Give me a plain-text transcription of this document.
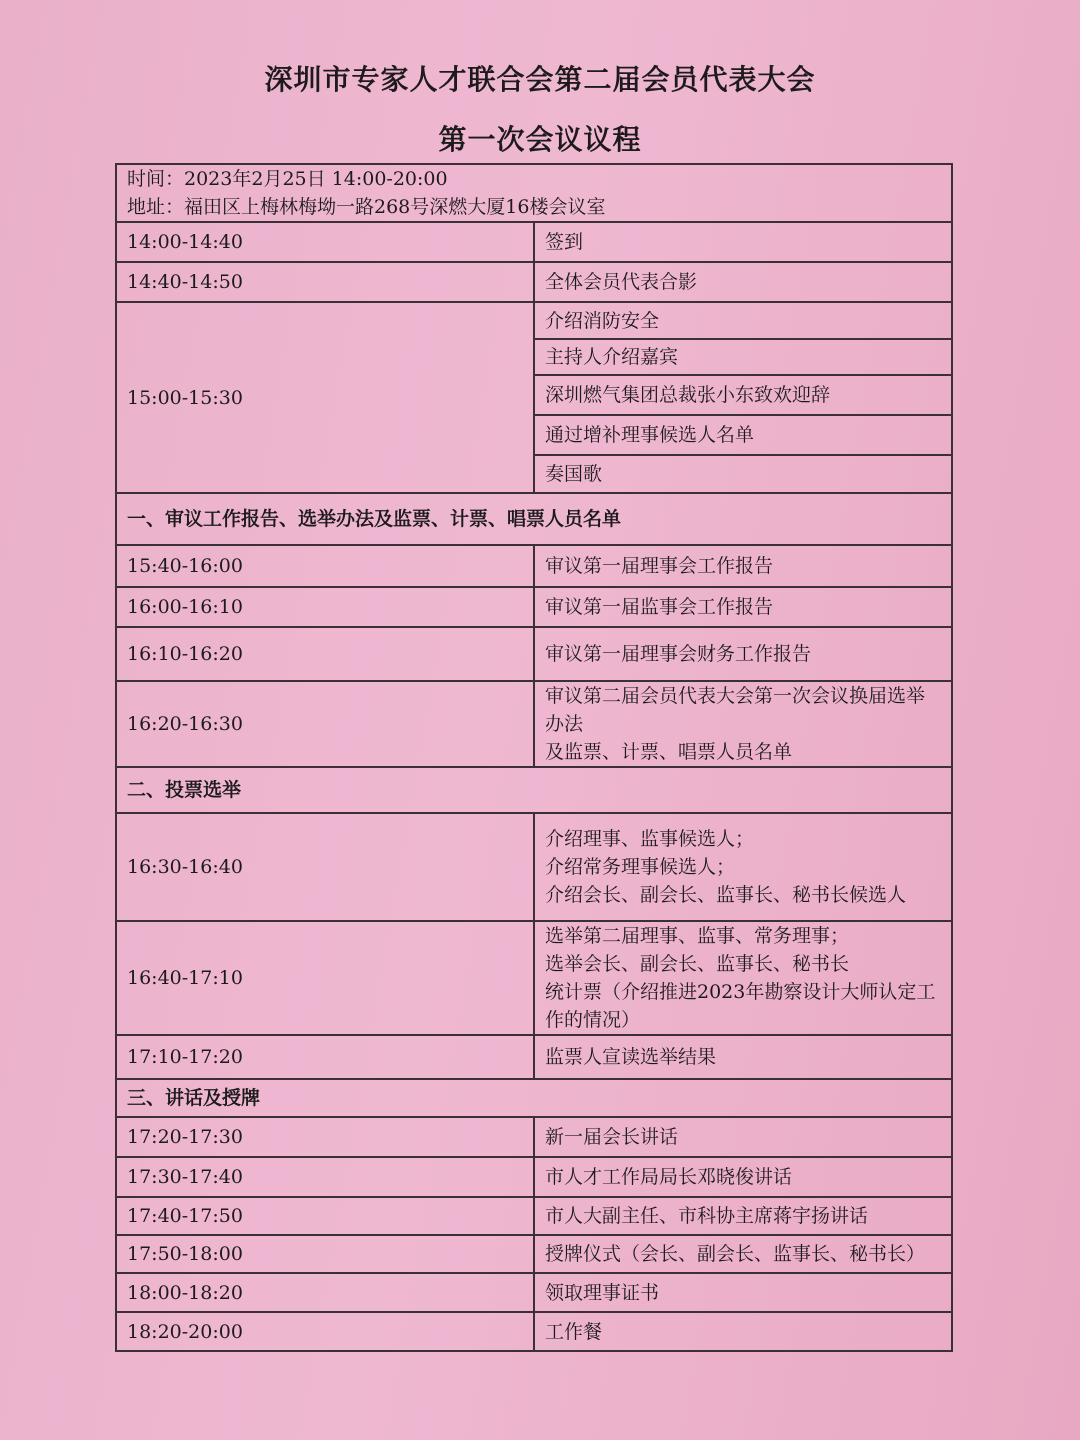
深圳市专家人才联合会第二届会员代表大会
第一次会议议程
时间：2023年2月25日 14:00-20:00
地址：福田区上梅林梅坳一路268号深燃大厦16楼会议室	

14:00-14:40	签到
14:40-14:50	全体会员代表合影
15:00-15:30	介绍消防安全
	主持人介绍嘉宾
	深圳燃气集团总裁张小东致欢迎辞
	通过增补理事候选人名单
	奏国歌
一、审议工作报告、选举办法及监票、计票、唱票人员名单	
15:40-16:00	审议第一届理事会工作报告
16:00-16:10	审议第一届监事会工作报告
16:10-16:20	审议第一届理事会财务工作报告
16:20-16:30	审议第二届会员代表大会第一次会议换届选举办法
及监票、计票、唱票人员名单

二、投票选举	
16:30-16:40	介绍理事、监事候选人；
介绍常务理事候选人；
介绍会长、副会长、监事长、秘书长候选人

16:40-17:10	选举第二届理事、监事、常务理事；
选举会长、副会长、监事长、秘书长
统计票（介绍推进2023年勘察设计大师认定工作的情况）

17:10-17:20	监票人宣读选举结果
三、讲话及授牌	
17:20-17:30	新一届会长讲话
17:30-17:40	市人才工作局局长邓晓俊讲话
17:40-17:50	市人大副主任、市科协主席蒋宇扬讲话
17:50-18:00	授牌仪式（会长、副会长、监事长、秘书长）
18:00-18:20	领取理事证书
18:20-20:00	工作餐
